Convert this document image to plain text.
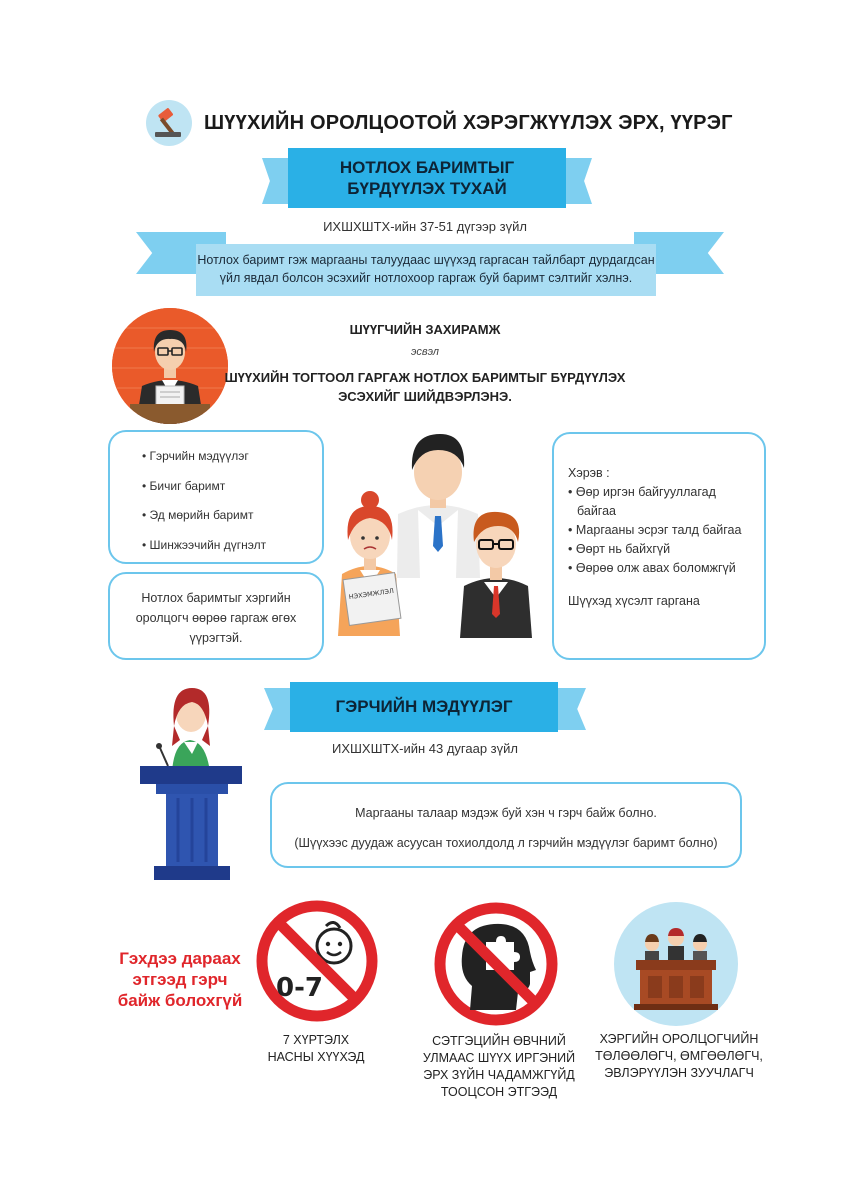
ШҮҮХИЙН ОРОЛЦООТОЙ ХЭРЭГЖҮҮЛЭХ ЭРХ, ҮҮРЭГ
НОТЛОХ БАРИМТЫГ
БҮРДҮҮЛЭХ ТУХАЙ
ИХШХШТХ-ийн 37-51 дүгээр зүйл
Нотлох баримт гэж маргааны талуудаас шүүхэд гаргасан тайлбарт дурдагдсан
үйл явдал болсон эсэхийг нотлохоор гаргаж буй баримт сэлтийг хэлнэ.
ШҮҮГЧИЙН ЗАХИРАМЖ
эсвэл
ШҮҮХИЙН ТОГТООЛ ГАРГАЖ НОТЛОХ БАРИМТЫГ БҮРДҮҮЛЭХ
ЭСЭХИЙГ ШИЙДВЭРЛЭНЭ.
• Гэрчийн мэдүүлэг
• Бичиг баримт
• Эд мөрийн баримт
• Шинжээчийн дүгнэлт
Нотлох баримтыг хэргийн
оролцогч өөрөө гаргаж өгөх
үүрэгтэй.
НЭХЭМЖЛЭЛ
Хэрэв :
• Өөр иргэн байгууллагад
байгаа
• Маргааны эсрэг талд байгаа
• Өөрт нь байхгүй
• Өөрөө олж авах боломжгүй
Шүүхэд хүсэлт гаргана
ГЭРЧИЙН МЭДҮҮЛЭГ
ИХШХШТХ-ийн 43 дугаар зүйл
Маргааны талаар мэдэж буй хэн ч гэрч байж болно.
(Шүүхээс дуудаж асуусан тохиолдолд л гэрчийн мэдүүлэг баримт болно)
Гэхдээ дараах
этгээд гэрч
байж болохгүй	0-7
7 ХҮРТЭЛХ
НАСНЫ ХҮҮХЭД
СЭТГЭЦИЙН ӨВЧНИЙ
УЛМААС ШҮҮХ ИРГЭНИЙ
ЭРХ ЗҮЙН ЧАДАМЖГҮЙД
ТООЦСОН ЭТГЭЭД
ХЭРГИЙН ОРОЛЦОГЧИЙН
ТӨЛӨӨЛӨГЧ, ӨМГӨӨЛӨГЧ,
ЭВЛЭРҮҮЛЭН ЗУУЧЛАГЧ
